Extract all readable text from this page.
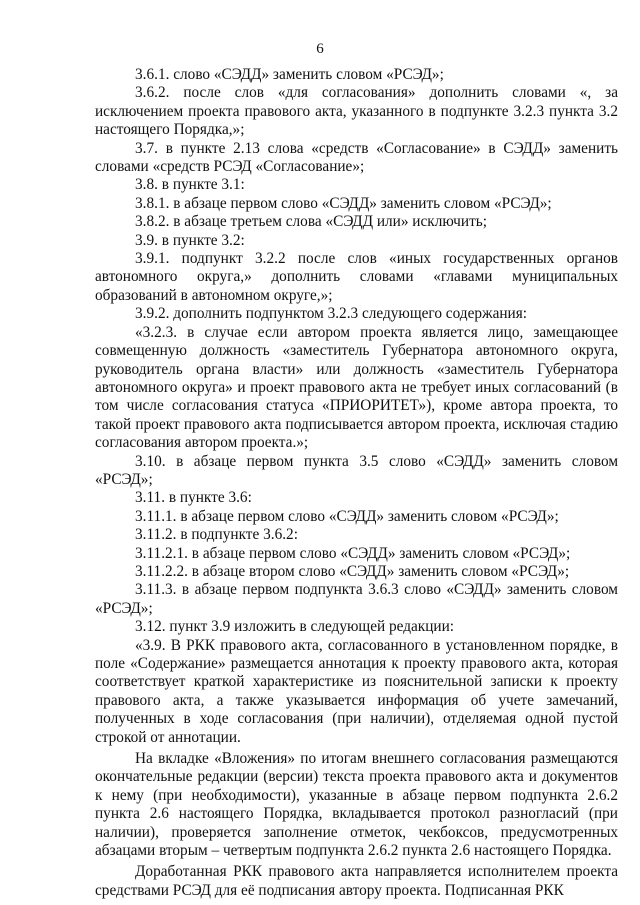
6

3.6.1. слово «СЭДД» заменить словом «РСЭД»;

3.6.2. после слов «для согласования» дополнить словами «, за исключением проекта правового акта, указанного в подпункте 3.2.3 пункта 3.2 настоящего Порядка,»;

3.7. в пункте 2.13 слова «средств «Согласование» в СЭДД» заменить словами «средств РСЭД «Согласование»;

3.8. в пункте 3.1:

3.8.1. в абзаце первом слово «СЭДД» заменить словом «РСЭД»;

3.8.2. в абзаце третьем слова «СЭДД или» исключить;

3.9. в пункте 3.2:

3.9.1. подпункт 3.2.2 после слов «иных государственных органов автономного округа,» дополнить словами «главами муниципальных образований в автономном округе,»;

3.9.2. дополнить подпунктом 3.2.3 следующего содержания:

«3.2.3. в случае если автором проекта является лицо, замещающее совмещенную должность «заместитель Губернатора автономного округа, руководитель органа власти» или должность «заместитель Губернатора автономного округа» и проект правового акта не требует иных согласований (в том числе согласования статуса «ПРИОРИТЕТ»), кроме автора проекта, то такой проект правового акта подписывается автором проекта, исключая стадию согласования автором проекта.»;

3.10. в абзаце первом пункта 3.5 слово «СЭДД» заменить словом «РСЭД»;

3.11. в пункте 3.6:

3.11.1. в абзаце первом слово «СЭДД» заменить словом «РСЭД»;

3.11.2. в подпункте 3.6.2:

3.11.2.1. в абзаце первом слово «СЭДД» заменить словом «РСЭД»;

3.11.2.2. в абзаце втором слово «СЭДД» заменить словом «РСЭД»;

3.11.3. в абзаце первом подпункта 3.6.3 слово «СЭДД» заменить словом «РСЭД»;

3.12. пункт 3.9 изложить в следующей редакции:

«3.9. В РКК правового акта, согласованного в установленном порядке, в поле «Содержание» размещается аннотация к проекту правового акта, которая соответствует краткой характеристике из пояснительной записки к проекту правового акта, а также указывается информация об учете замечаний, полученных в ходе согласования (при наличии), отделяемая одной пустой строкой от аннотации.

На вкладке «Вложения» по итогам внешнего согласования размещаются окончательные редакции (версии) текста проекта правового акта и документов к нему (при необходимости), указанные в абзаце первом подпункта 2.6.2 пункта 2.6 настоящего Порядка, вкладывается протокол разногласий (при наличии), проверяется заполнение отметок, чекбоксов, предусмотренных абзацами вторым – четвертым подпункта 2.6.2 пункта 2.6 настоящего Порядка.

Доработанная РКК правового акта направляется исполнителем проекта средствами РСЭД для её подписания автору проекта. Подписанная РКК
